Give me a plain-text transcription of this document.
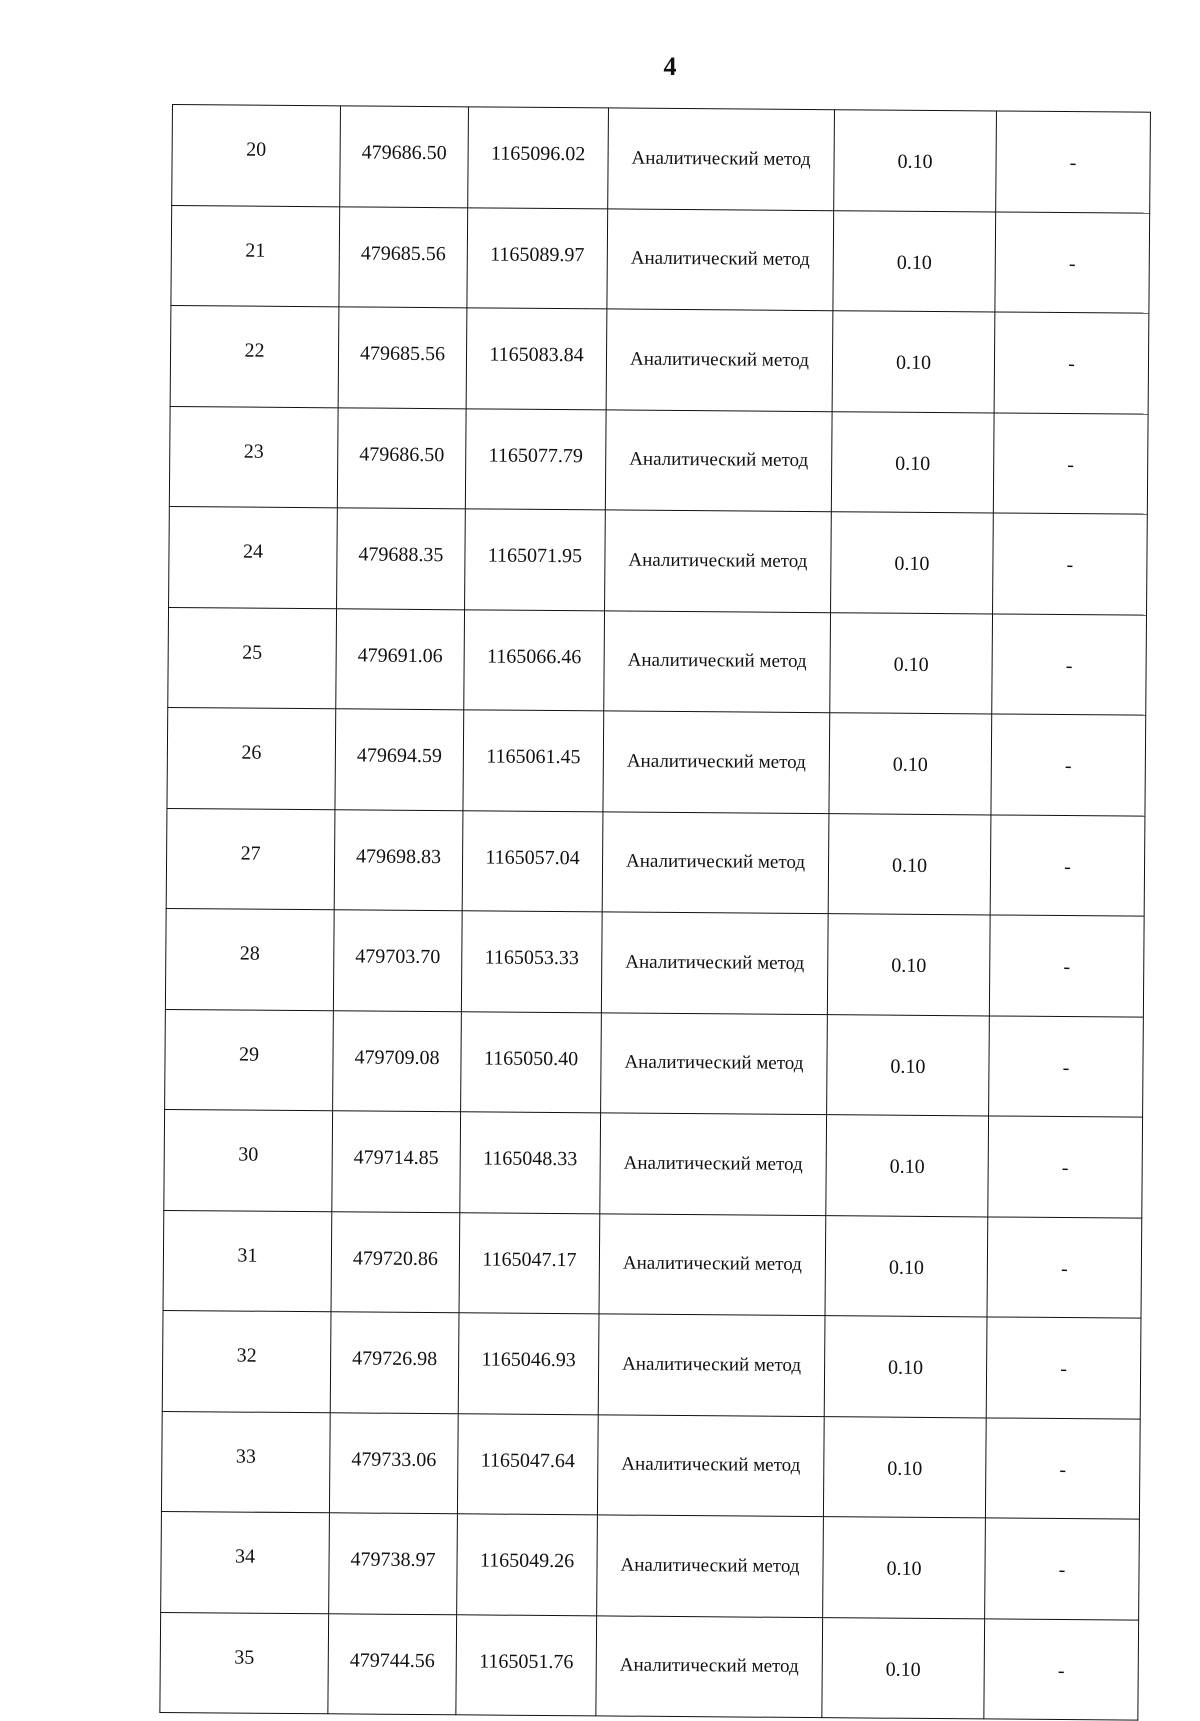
4
20	479686.50	1165096.02	Аналитический метод	0.10	-
21	479685.56	1165089.97	Аналитический метод	0.10	-
22	479685.56	1165083.84	Аналитический метод	0.10	-
23	479686.50	1165077.79	Аналитический метод	0.10	-
24	479688.35	1165071.95	Аналитический метод	0.10	-
25	479691.06	1165066.46	Аналитический метод	0.10	-
26	479694.59	1165061.45	Аналитический метод	0.10	-
27	479698.83	1165057.04	Аналитический метод	0.10	-
28	479703.70	1165053.33	Аналитический метод	0.10	-
29	479709.08	1165050.40	Аналитический метод	0.10	-
30	479714.85	1165048.33	Аналитический метод	0.10	-
31	479720.86	1165047.17	Аналитический метод	0.10	-
32	479726.98	1165046.93	Аналитический метод	0.10	-
33	479733.06	1165047.64	Аналитический метод	0.10	-
34	479738.97	1165049.26	Аналитический метод	0.10	-
35	479744.56	1165051.76	Аналитический метод	0.10	-
